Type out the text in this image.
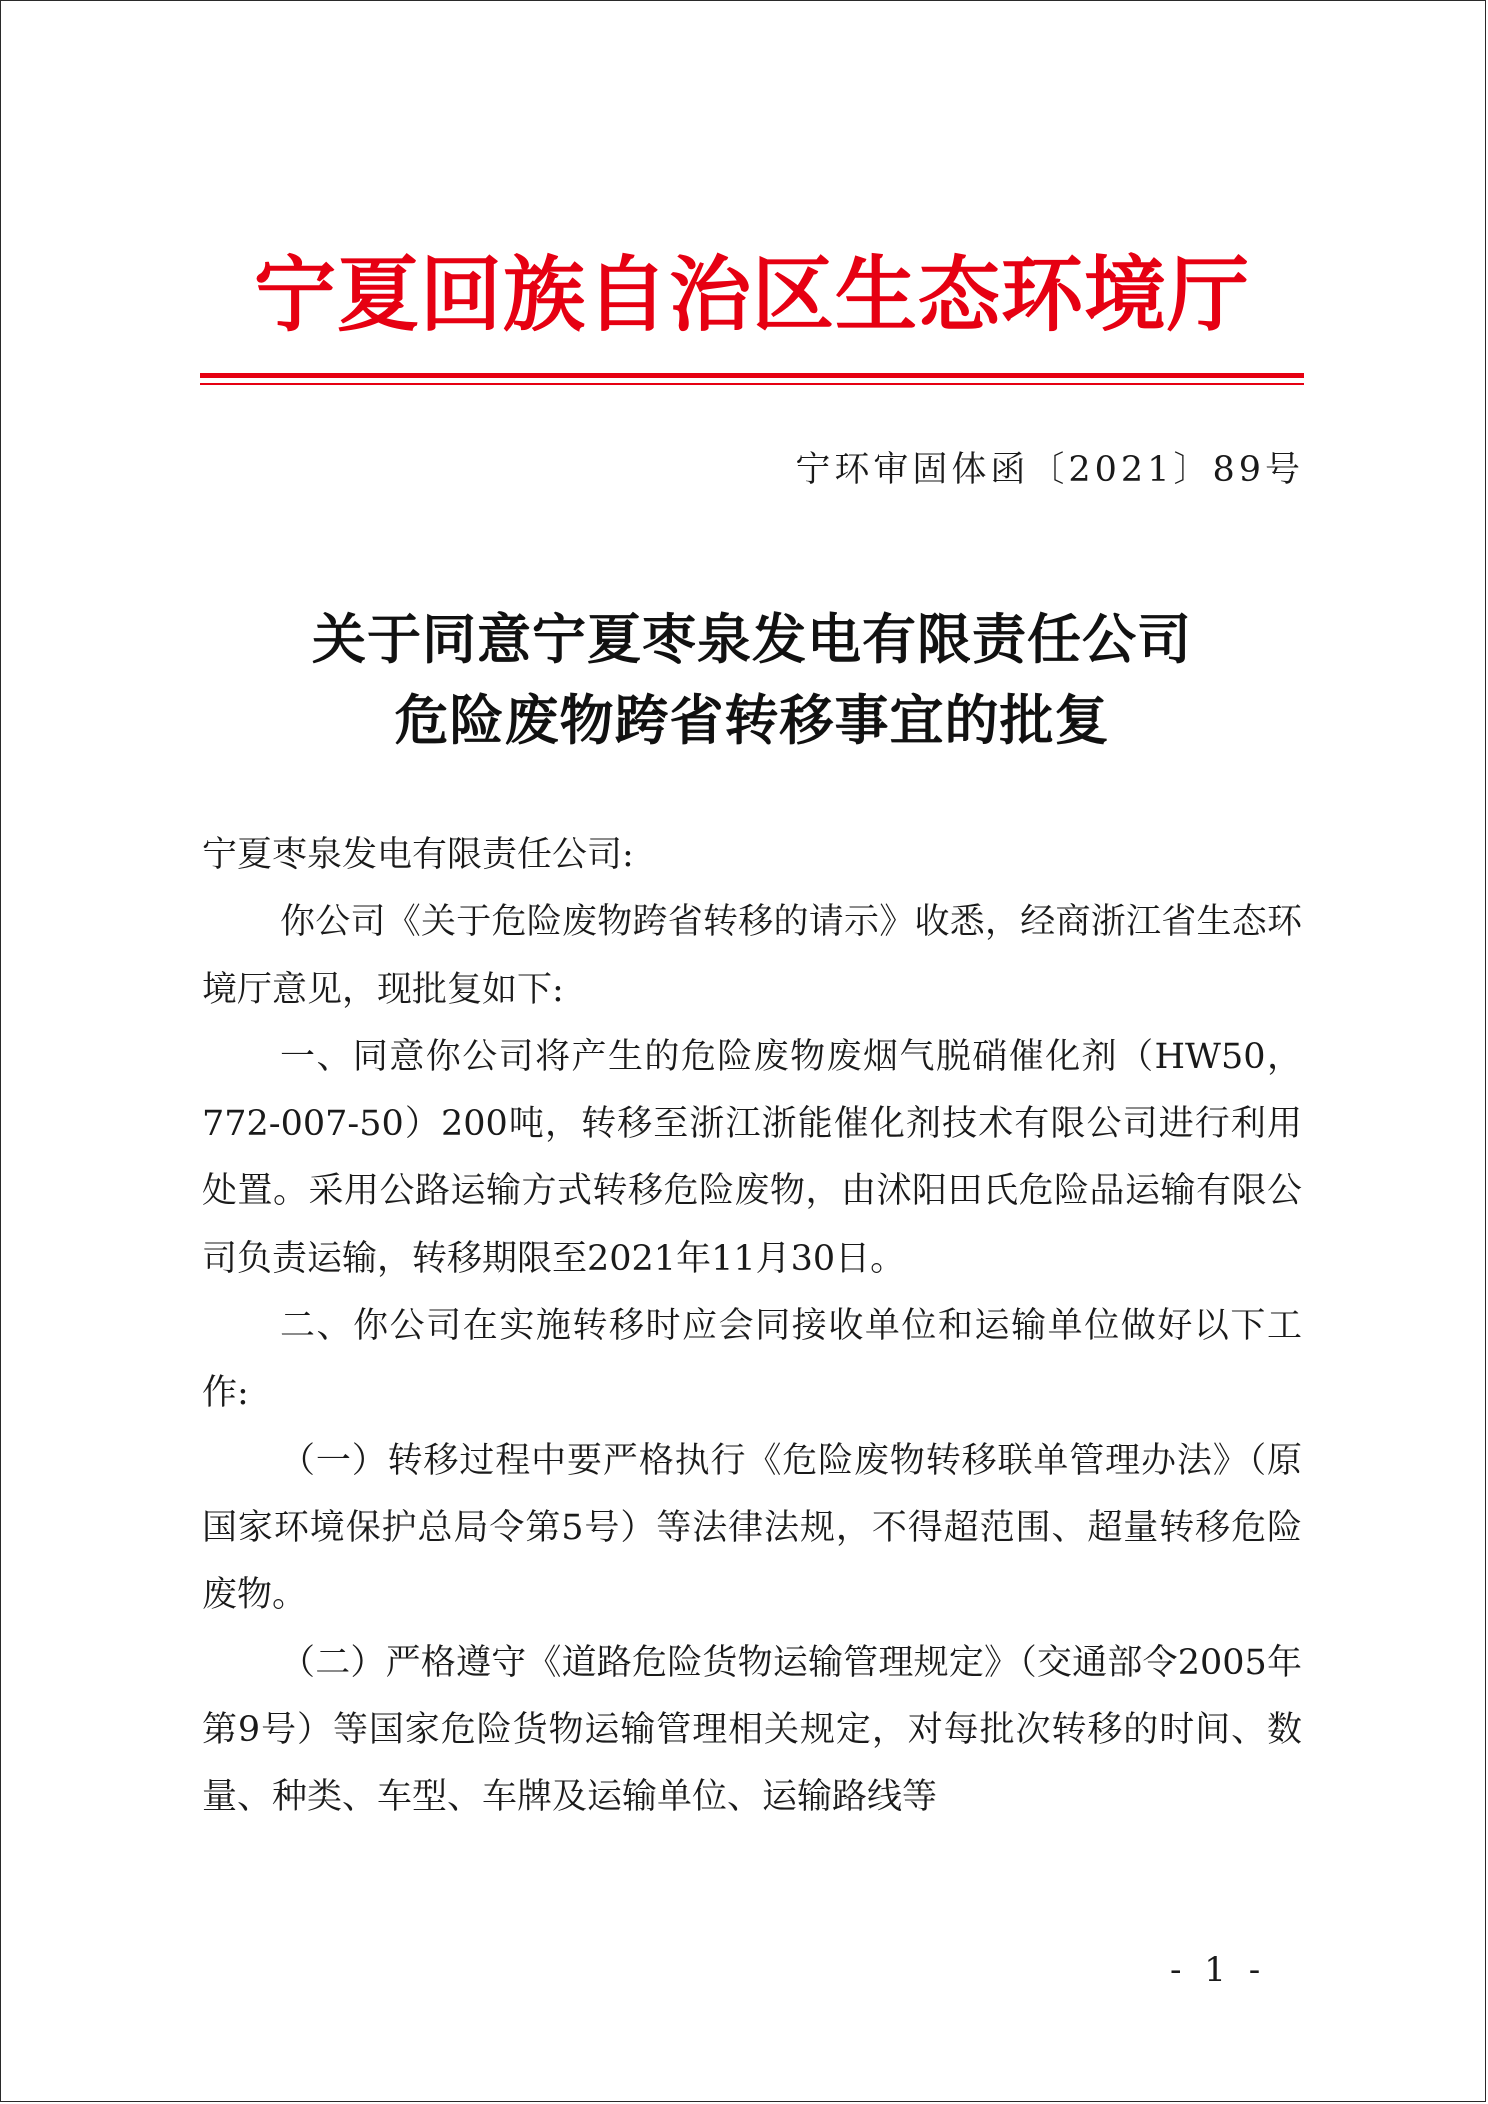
宁夏回族自治区生态环境厅
宁环审固体函〔2021〕89号
关于同意宁夏枣泉发电有限责任公司
危险废物跨省转移事宜的批复

宁夏枣泉发电有限责任公司:

你公司《关于危险废物跨省转移的请示》收悉，经商浙江省生态环境厅意见，现批复如下:

一、同意你公司将产生的危险废物废烟气脱硝催化剂（HW50，772-007-50）200吨，转移至浙江浙能催化剂技术有限公司进行利用处置。采用公路运输方式转移危险废物，由沭阳田氏危险品运输有限公司负责运输，转移期限至2021年11月30日。

二、你公司在实施转移时应会同接收单位和运输单位做好以下工作:

（一）转移过程中要严格执行《危险废物转移联单管理办法》（原国家环境保护总局令第5号）等法律法规，不得超范围、超量转移危险废物。

（二）严格遵守《道路危险货物运输管理规定》（交通部令2005年第9号）等国家危险货物运输管理相关规定，对每批次转移的时间、数量、种类、车型、车牌及运输单位、运输路线等

- 1 -
